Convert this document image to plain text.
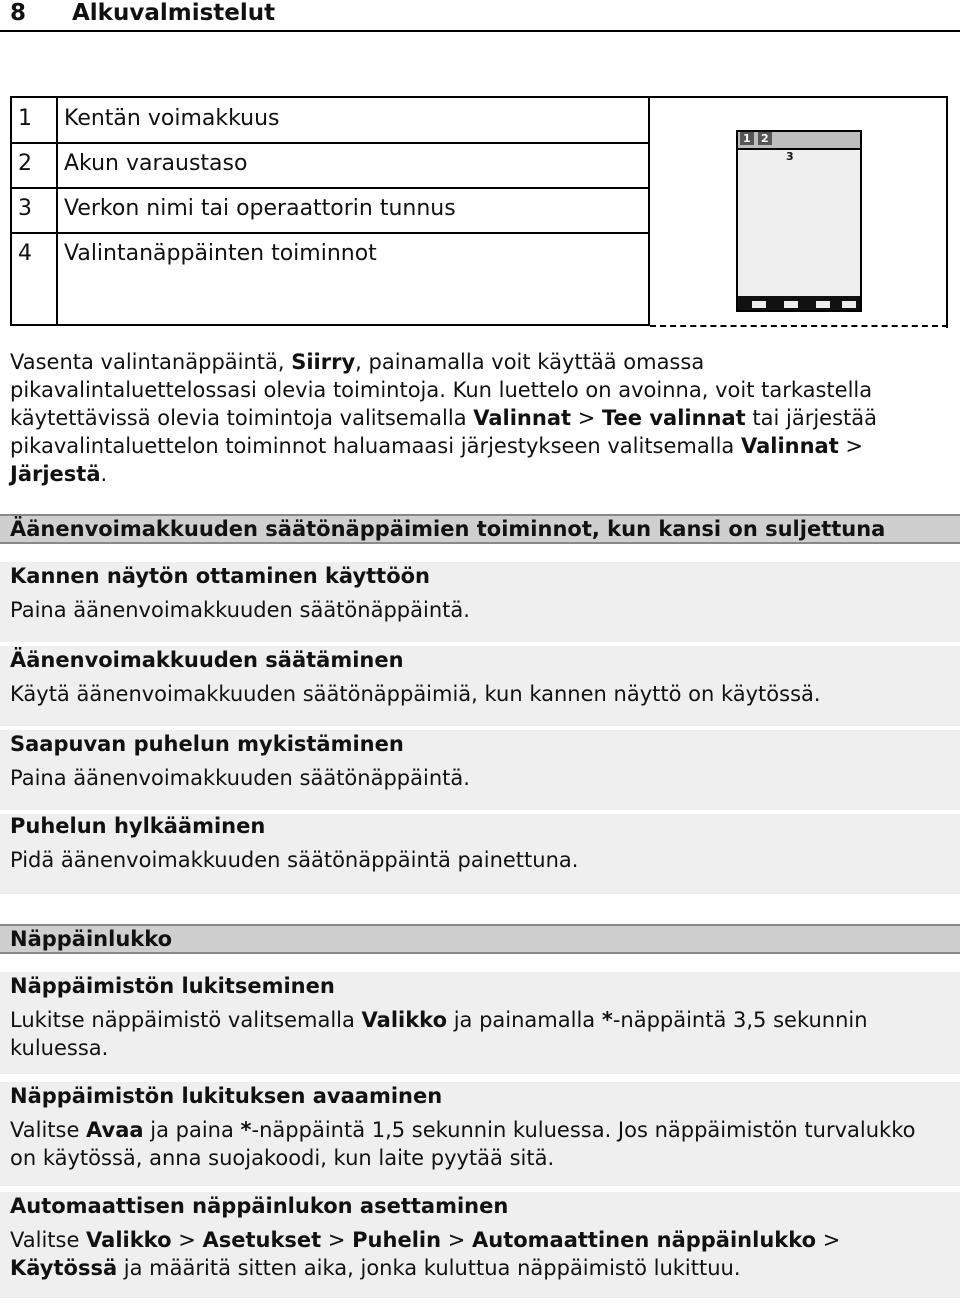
8 Alkuvalmistelut
1 Kentän voimakkuus
2 Akun varaustaso
3 Verkon nimi tai operaattorin tunnus
4 Valintanäppäinten toiminnot
1 2
3
Vasenta valintanäppäintä, Siirry, painamalla voit käyttää omassa pikavalintaluettelossasi olevia toimintoja. Kun luettelo on avoinna, voit tarkastella käytettävissä olevia toimintoja valitsemalla Valinnat > Tee valinnat tai järjestää pikavalintaluettelon toiminnot haluamaasi järjestykseen valitsemalla Valinnat > Järjestä.
Äänenvoimakkuuden säätönäppäimien toiminnot, kun kansi on suljettuna
Kannen näytön ottaminen käyttöön
Paina äänenvoimakkuuden säätönäppäintä.
Äänenvoimakkuuden säätäminen
Käytä äänenvoimakkuuden säätönäppäimiä, kun kannen näyttö on käytössä.
Saapuvan puhelun mykistäminen
Paina äänenvoimakkuuden säätönäppäintä.
Puhelun hylkääminen
Pidä äänenvoimakkuuden säätönäppäintä painettuna.
Näppäinlukko
Näppäimistön lukitseminen
Lukitse näppäimistö valitsemalla Valikko ja painamalla *-näppäintä 3,5 sekunnin kuluessa.
Näppäimistön lukituksen avaaminen
Valitse Avaa ja paina *-näppäintä 1,5 sekunnin kuluessa. Jos näppäimistön turvalukko on käytössä, anna suojakoodi, kun laite pyytää sitä.
Automaattisen näppäinlukon asettaminen
Valitse Valikko > Asetukset > Puhelin > Automaattinen näppäinlukko > Käytössä ja määritä sitten aika, jonka kuluttua näppäimistö lukittuu.
